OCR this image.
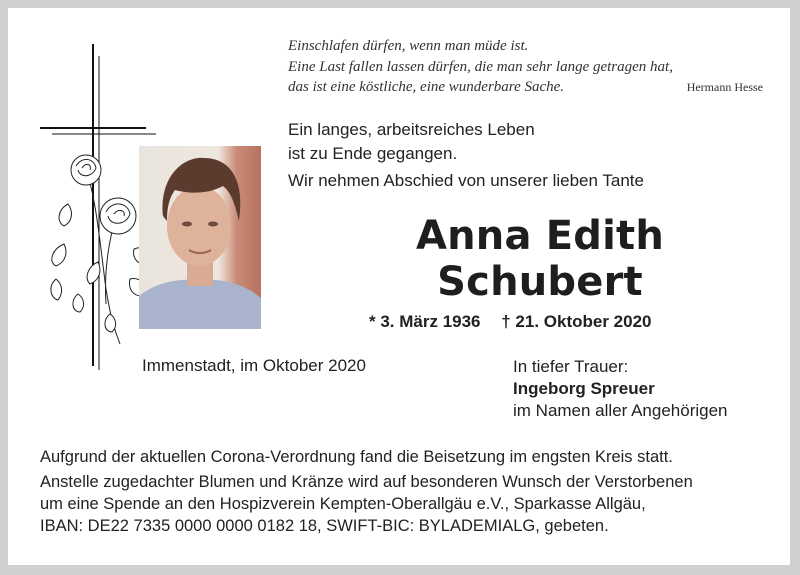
Einschlafen dürfen, wenn man müde ist.
Eine Last fallen lassen dürfen, die man sehr lange getragen hat,
das ist eine köstliche, eine wunderbare Sache.	Hermann Hesse
Ein langes, arbeitsreiches Leben
ist zu Ende gegangen.
Wir nehmen Abschied von unserer lieben Tante
Anna Edith
Schubert
* 3. März 1936 † 21. Oktober 2020
Immenstadt, im Oktober 2020	In tiefer Trauer:
Ingeborg Spreuer
im Namen aller Angehörigen
Aufgrund der aktuellen Corona-Verordnung fand die Beisetzung im engsten Kreis statt.
Anstelle zugedachter Blumen und Kränze wird auf besonderen Wunsch der Verstorbenen
um eine Spende an den Hospizverein Kempten-Oberallgäu e.V., Sparkasse Allgäu,
IBAN: DE22 7335 0000 0000 0182 18, SWIFT-BIC: BYLADEMIALG, gebeten.
